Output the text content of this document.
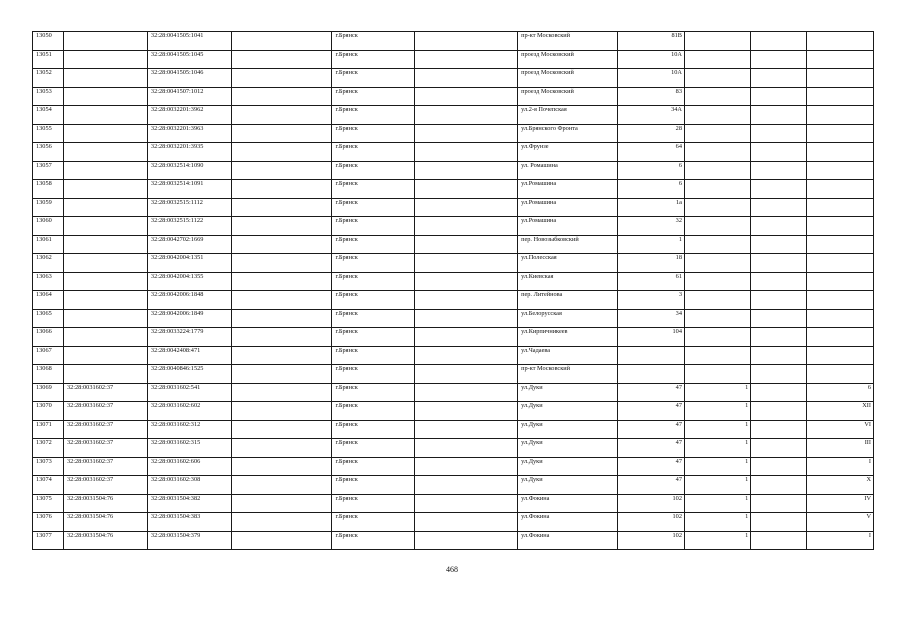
13050		32:28:0041505:1041		г.Брянск		пр-кт Московский	81В			
13051		32:28:0041505:1045		г.Брянск		проезд Московский	10А			
13052		32:28:0041505:1046		г.Брянск		проезд Московский	10А			
13053		32:28:0041507:1012		г.Брянск		проезд Московский	83			
13054		32:28:0032201:3962		г.Брянск		ул.2-я Почепская	34А			
13055		32:28:0032201:3963		г.Брянск		ул.Брянского Фронта	28			
13056		32:28:0032201:3935		г.Брянск		ул.Фрунзе	64			
13057		32:28:0032514:1090		г.Брянск		ул. Ромашина	6			
13058		32:28:0032514:1091		г.Брянск		ул.Ромашина	6			
13059		32:28:0032515:1112		г.Брянск		ул.Ромашина	1а			
13060		32:28:0032515:1122		г.Брянск		ул.Ромашина	32			
13061		32:28:0042702:1669		г.Брянск		пер. Новозыбковский	1			
13062		32:28:0042004:1351		г.Брянск		ул.Полесская	18			
13063		32:28:0042004:1355		г.Брянск		ул.Киевская	61			
13064		32:28:0042006:1848		г.Брянск		пер. Литейнова	3			
13065		32:28:0042006:1849		г.Брянск		ул.Белорусская	34			
13066		32:28:0033224:1779		г.Брянск		ул.Кирпичникеев	104			
13067		32:28:0042408:471		г.Брянск		ул.Чадаева				
13068		32:28:0040846:1525		г.Брянск		пр-кт Московский				
13069	32:28:0031602:37	32:28:0031602:541		г.Брянск		ул.Дуки	47	1		6
13070	32:28:0031602:37	32:28:0031602:602		г.Брянск		ул.Дуки	47	1		XII
13071	32:28:0031602:37	32:28:0031602:312		г.Брянск		ул.Дуки	47	1		VI
13072	32:28:0031602:37	32:28:0031602:315		г.Брянск		ул.Дуки	47	1		III
13073	32:28:0031602:37	32:28:0031602:606		г.Брянск		ул.Дуки	47	1		I
13074	32:28:0031602:37	32:28:0031602:308		г.Брянск		ул.Дуки	47	1		X
13075	32:28:0031504:76	32:28:0031504:382		г.Брянск		ул.Фокина	102	1		IV
13076	32:28:0031504:76	32:28:0031504:383		г.Брянск		ул.Фокина	102	1		V
13077	32:28:0031504:76	32:28:0031504:379		г.Брянск		ул.Фокина	102	1		I
468
